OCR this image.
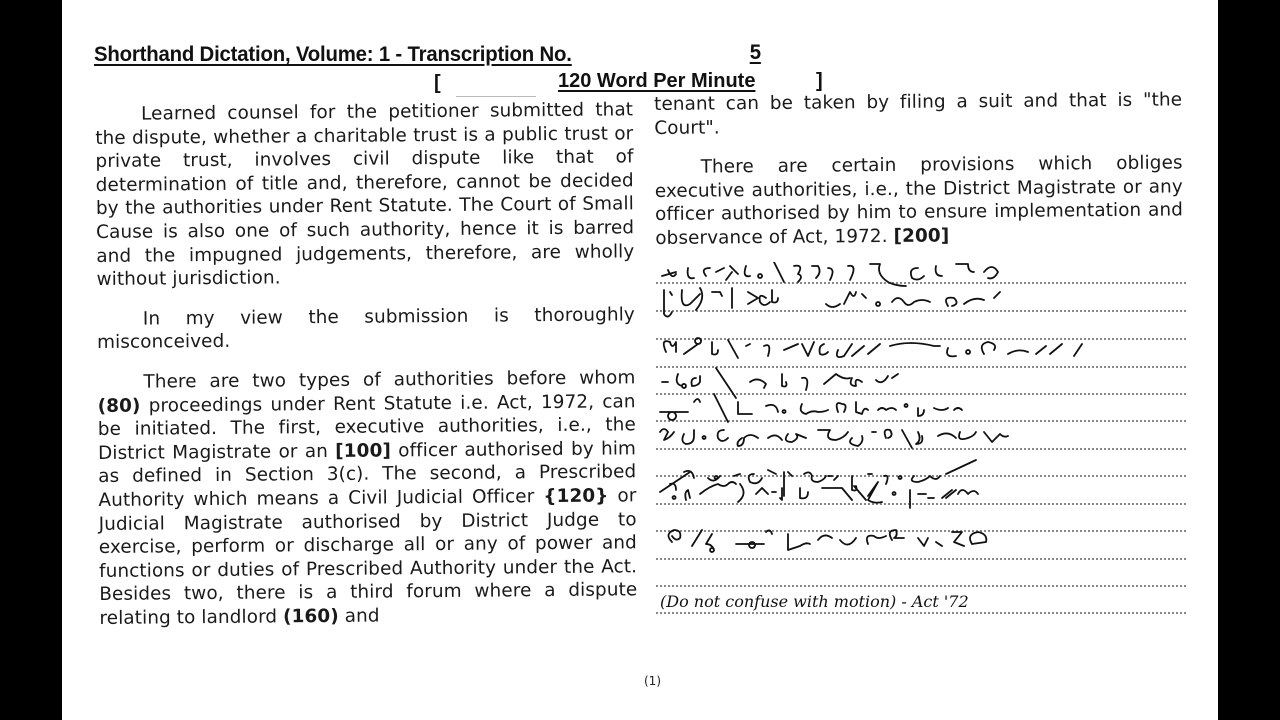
Shorthand Dictation, Volume: 1 - Transcription No.	5
[	120 Word Per Minute	]

Learned counsel for the petitioner submitted that the dispute, whether a charitable trust is a public trust or private trust, involves civil dispute like that of determination of title and, therefore, cannot be decided by the authorities under Rent Statute. The Court of Small Cause is also one of such authority, hence it is barred and the impugned judgements, therefore, are wholly without jurisdiction.

In my view the submission is thoroughly misconceived.

There are two types of authorities before whom (80) proceedings under Rent Statute i.e. Act, 1972, can be initiated. The first, executive authorities, i.e., the District Magistrate or an [100] officer authorised by him as defined in Section 3(c). The second, a Prescribed Authority which means a Civil Judicial Officer {120} or Judicial Magistrate authorised by District Judge to exercise, perform or discharge all or any of power and functions or duties of Prescribed Authority under the Act. Besides two, there is a third forum where a dispute relating to landlord (160) and

tenant can be taken by filing a suit and that is "the Court".

There are certain provisions which obliges executive authorities, i.e., the District Magistrate or any officer authorised by him to ensure implementation and observance of Act, 1972. [200]

(Do not confuse with motion) - Act '72
(1)
